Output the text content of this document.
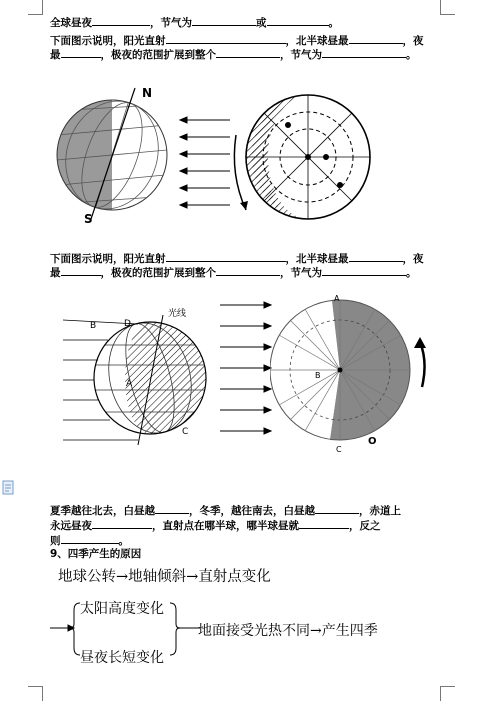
全球昼夜	，节气为	或	。
下面图示说明，阳光直射	，北半球昼最	，夜
最	，极夜的范围扩展到整个	，节气为	。
N
S
下面图示说明，阳光直射	，北半球昼最	，夜
最	，极夜的范围扩展到整个	，节气为	。
光线
B	D
A
C
A
B
C
O
夏季越往北去，白昼越	，冬季，越往南去，白昼越	，赤道上
永远昼夜	，直射点在哪半球，哪半球昼就	，反之
则	。
9、四季产生的原因
地球公转→地轴倾斜→直射点变化
太阳高度变化
昼夜长短变化
地面接受光热不同→产生四季
